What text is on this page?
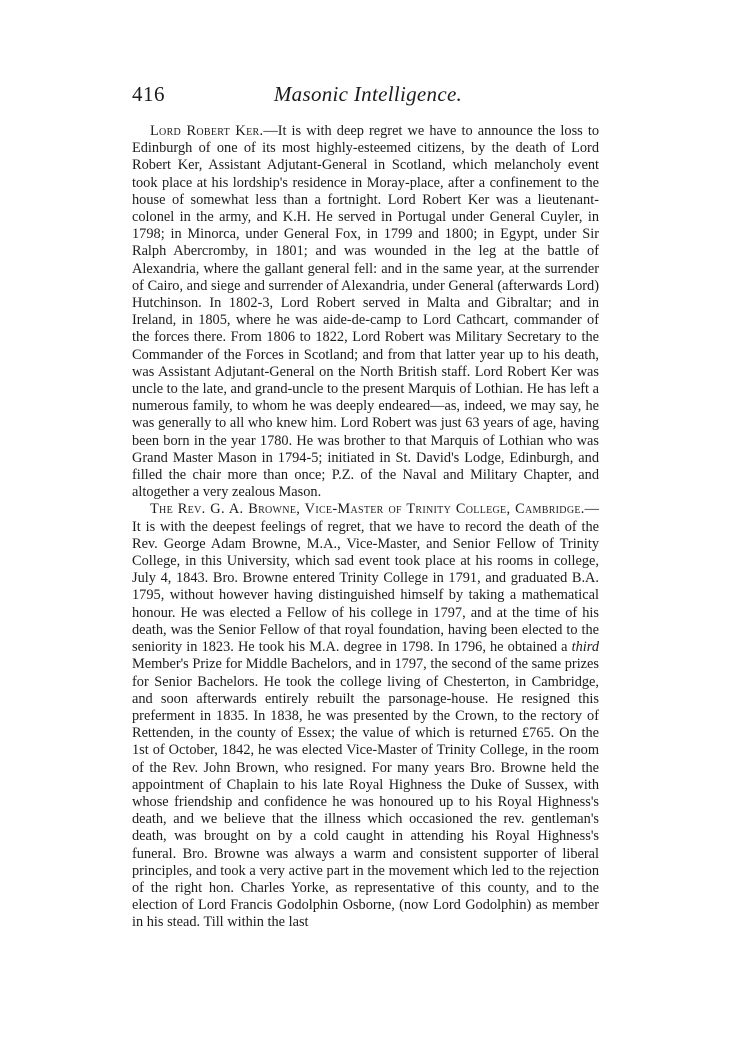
416	Masonic Intelligence.

Lord Robert Ker.—It is with deep regret we have to announce the loss to Edinburgh of one of its most highly-esteemed citizens, by the death of Lord Robert Ker, Assistant Adjutant-General in Scotland, which melancholy event took place at his lordship's residence in Moray-place, after a confinement to the house of somewhat less than a fortnight. Lord Robert Ker was a lieutenant-colonel in the army, and K.H. He served in Portugal under General Cuyler, in 1798; in Minorca, under General Fox, in 1799 and 1800; in Egypt, under Sir Ralph Abercromby, in 1801; and was wounded in the leg at the battle of Alexandria, where the gallant general fell: and in the same year, at the surrender of Cairo, and siege and surrender of Alexandria, under General (afterwards Lord) Hutchinson. In 1802-3, Lord Robert served in Malta and Gibraltar; and in Ireland, in 1805, where he was aide-de-camp to Lord Cathcart, commander of the forces there. From 1806 to 1822, Lord Robert was Military Secretary to the Commander of the Forces in Scotland; and from that latter year up to his death, was Assistant Adjutant-General on the North British staff. Lord Robert Ker was uncle to the late, and grand-uncle to the present Marquis of Lothian. He has left a numerous family, to whom he was deeply endeared—as, indeed, we may say, he was generally to all who knew him. Lord Robert was just 63 years of age, having been born in the year 1780. He was brother to that Marquis of Lothian who was Grand Master Mason in 1794-5; initiated in St. David's Lodge, Edinburgh, and filled the chair more than once; P.Z. of the Naval and Military Chapter, and altogether a very zealous Mason.

The Rev. G. A. Browne, Vice-Master of Trinity College, Cambridge.—It is with the deepest feelings of regret, that we have to record the death of the Rev. George Adam Browne, M.A., Vice-Master, and Senior Fellow of Trinity College, in this University, which sad event took place at his rooms in college, July 4, 1843. Bro. Browne entered Trinity College in 1791, and graduated B.A. 1795, without however having distinguished himself by taking a mathematical honour. He was elected a Fellow of his college in 1797, and at the time of his death, was the Senior Fellow of that royal foundation, having been elected to the seniority in 1823. He took his M.A. degree in 1798. In 1796, he obtained a third Member's Prize for Middle Bachelors, and in 1797, the second of the same prizes for Senior Bachelors. He took the college living of Chesterton, in Cambridge, and soon afterwards entirely rebuilt the parsonage-house. He resigned this preferment in 1835. In 1838, he was presented by the Crown, to the rectory of Rettenden, in the county of Essex; the value of which is returned £765. On the 1st of October, 1842, he was elected Vice-Master of Trinity College, in the room of the Rev. John Brown, who resigned. For many years Bro. Browne held the appointment of Chaplain to his late Royal Highness the Duke of Sussex, with whose friendship and confidence he was honoured up to his Royal Highness's death, and we believe that the illness which occasioned the rev. gentleman's death, was brought on by a cold caught in attending his Royal Highness's funeral. Bro. Browne was always a warm and consistent supporter of liberal principles, and took a very active part in the movement which led to the rejection of the right hon. Charles Yorke, as representative of this county, and to the election of Lord Francis Godolphin Osborne, (now Lord Godolphin) as member in his stead. Till within the last
